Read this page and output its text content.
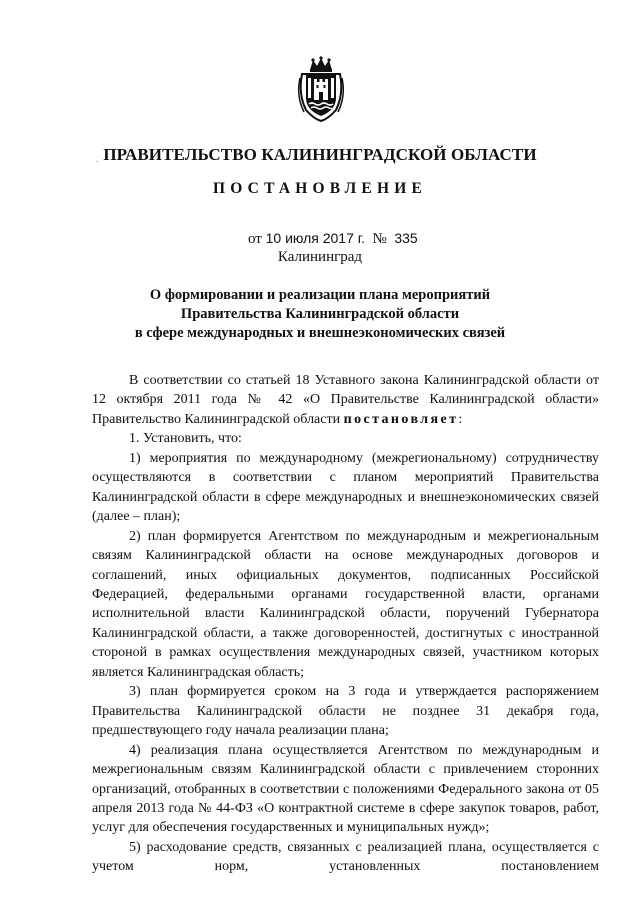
ПРАВИТЕЛЬСТВО КАЛИНИНГРАДСКОЙ ОБЛАСТИ
ПОСТАНОВЛЕНИЕ
от 10 июля 2017 г. № 335
Калининград
О формировании и реализации плана мероприятий
Правительства Калининградской области
в сфере международных и внешнеэкономических связей

В соответствии со статьей 18 Уставного закона Калининградской области от 12 октября 2011 года № 42 «О Правительстве Калининградской области» Правительство Калининградской области постановляет:

1. Установить, что:

1) мероприятия по международному (межрегиональному) сотрудничеству осуществляются в соответствии с планом мероприятий Правительства Калининградской области в сфере международных и внешнеэкономических связей (далее – план);

2) план формируется Агентством по международным и межрегиональным связям Калининградской области на основе международных договоров и соглашений, иных официальных документов, подписанных Российской Федерацией, федеральными органами государственной власти, органами исполнительной власти Калининградской области, поручений Губернатора Калининградской области, а также договоренностей, достигнутых с иностранной стороной в рамках осуществления международных связей, участником которых является Калининградская область;

3) план формируется сроком на 3 года и утверждается распоряжением Правительства Калининградской области не позднее 31 декабря года, предшествующего году начала реализации плана;

4) реализация плана осуществляется Агентством по международным и межрегиональным связям Калининградской области с привлечением сторонних организаций, отобранных в соответствии с положениями Федерального закона от 05 апреля 2013 года № 44-ФЗ «О контрактной системе в сфере закупок товаров, работ, услуг для обеспечения государственных и муниципальных нужд»;

5) расходование средств, связанных с реализацией плана, осуществляется с учетом норм, установленных постановлением
